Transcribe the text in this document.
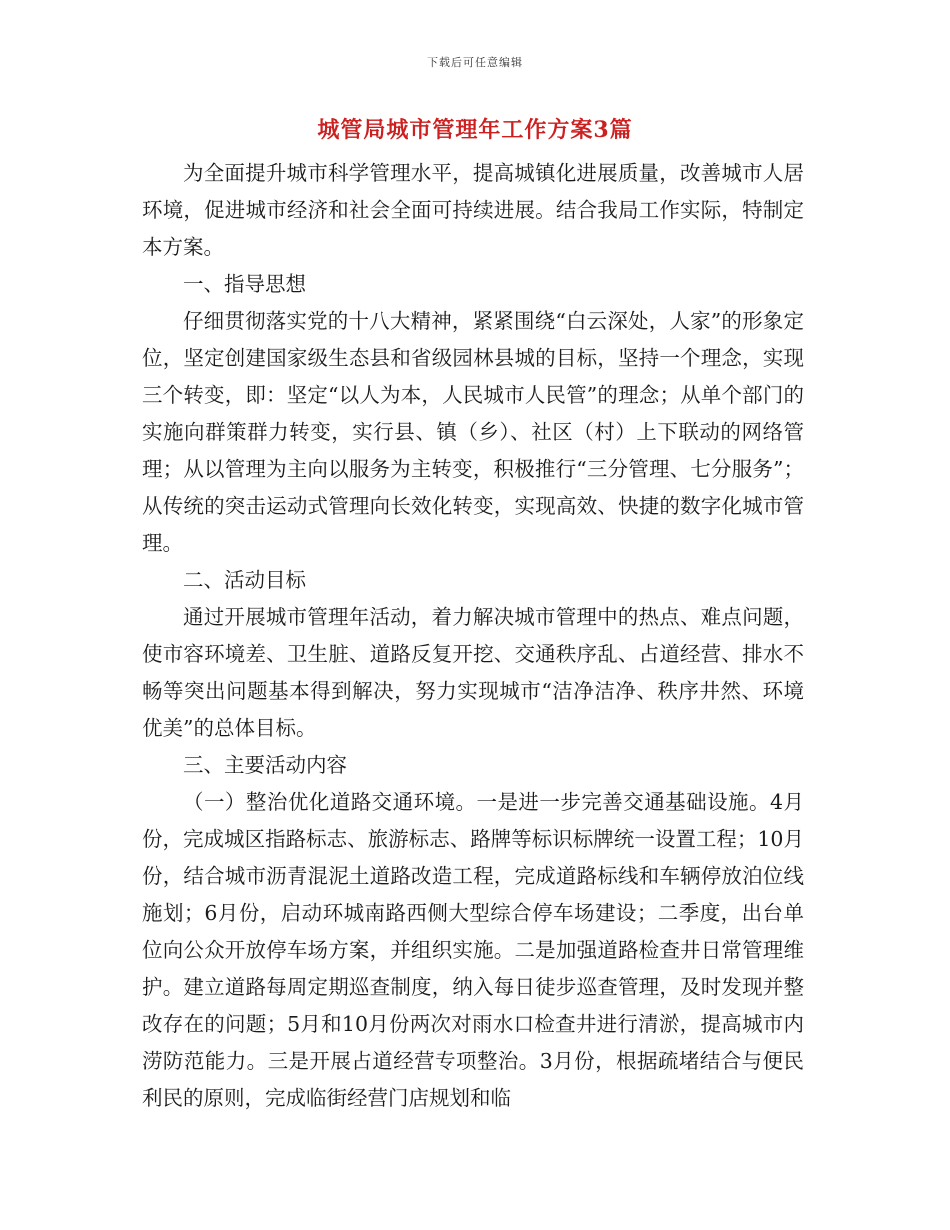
下载后可任意编辑
城管局城市管理年工作方案3篇

为全面提升城市科学管理水平，提高城镇化进展质量，改善城市人居环境，促进城市经济和社会全面可持续进展。结合我局工作实际，特制定本方案。

一、指导思想

仔细贯彻落实党的十八大精神，紧紧围绕“白云深处，人家”的形象定位，坚定创建国家级生态县和省级园林县城的目标，坚持一个理念，实现三个转变，即：坚定“以人为本，人民城市人民管”的理念；从单个部门的实施向群策群力转变，实行县、镇（乡）、社区（村）上下联动的网络管理；从以管理为主向以服务为主转变，积极推行“三分管理、七分服务”；从传统的突击运动式管理向长效化转变，实现高效、快捷的数字化城市管理。

二、活动目标

通过开展城市管理年活动，着力解决城市管理中的热点、难点问题，使市容环境差、卫生脏、道路反复开挖、交通秩序乱、占道经营、排水不畅等突出问题基本得到解决，努力实现城市“洁净洁净、秩序井然、环境优美”的总体目标。

三、主要活动内容

（一）整治优化道路交通环境。一是进一步完善交通基础设施。4月份，完成城区指路标志、旅游标志、路牌等标识标牌统一设置工程；10月份，结合城市沥青混泥土道路改造工程，完成道路标线和车辆停放泊位线施划；6月份，启动环城南路西侧大型综合停车场建设；二季度，出台单位向公众开放停车场方案，并组织实施。二是加强道路检查井日常管理维护。建立道路每周定期巡查制度，纳入每日徒步巡查管理，及时发现并整改存在的问题；5月和10月份两次对雨水口检查井进行清淤，提高城市内涝防范能力。三是开展占道经营专项整治。3月份，根据疏堵结合与便民利民的原则，完成临街经营门店规划和临
